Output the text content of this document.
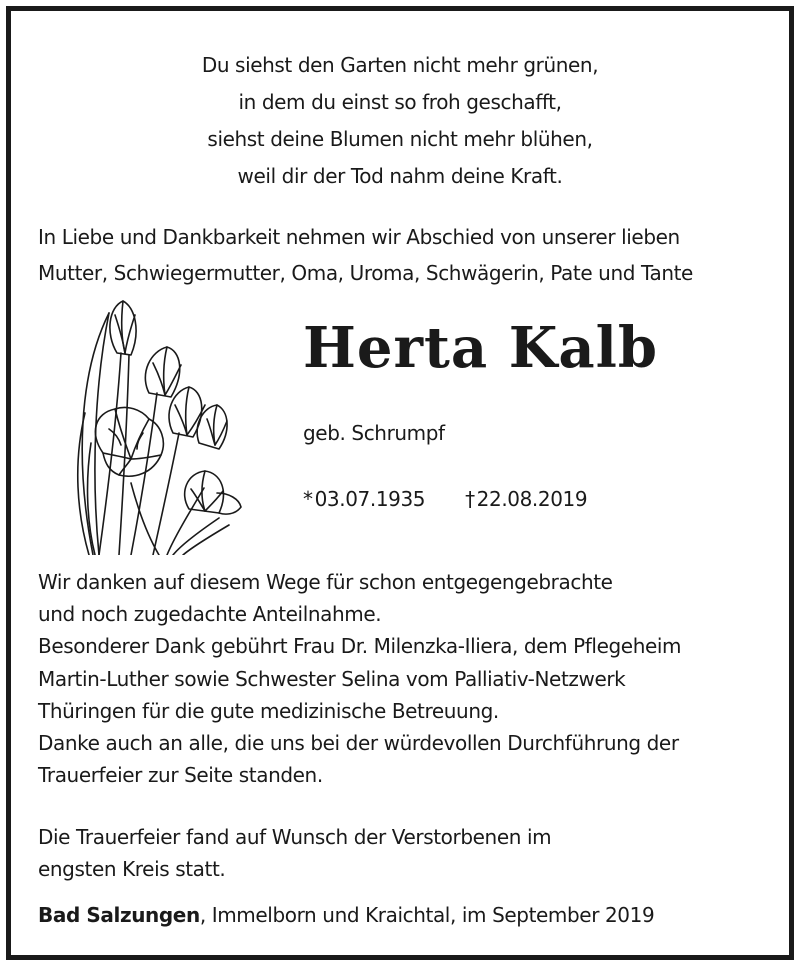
Du siehst den Garten nicht mehr grünen,
in dem du einst so froh geschafft,
siehst deine Blumen nicht mehr blühen,
weil dir der Tod nahm deine Kraft.
In Liebe und Dankbarkeit nehmen wir Abschied von unserer lieben
Mutter, Schwiegermutter, Oma, Uroma, Schwägerin, Pate und Tante
Herta Kalb
geb. Schrumpf
* 03.07.1935 † 22.08.2019
Wir danken auf diesem Wege für schon entgegengebrachte
und noch zugedachte Anteilnahme.
Besonderer Dank gebührt Frau Dr. Milenzka-Iliera, dem Pflegeheim
Martin-Luther sowie Schwester Selina vom Palliativ-Netzwerk
Thüringen für die gute medizinische Betreuung.
Danke auch an alle, die uns bei der würdevollen Durchführung der
Trauerfeier zur Seite standen.
Die Trauerfeier fand auf Wunsch der Verstorbenen im
engsten Kreis statt.
Bad Salzungen, Immelborn und Kraichtal, im September 2019
